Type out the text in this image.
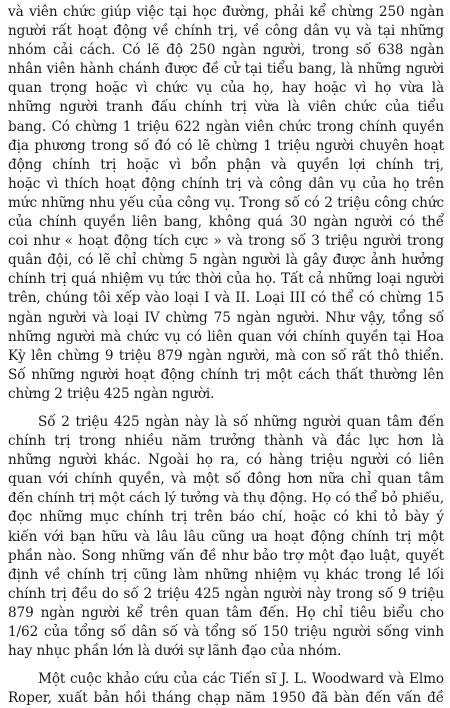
và viên chức giúp việc tại học đường, phải kể chừng 250 ngàn
người rất hoạt động về chính trị, về công dân vụ và tại những
nhóm cải cách. Có lẽ độ 250 ngàn người, trong số 638 ngàn
nhân viên hành chánh được đề cử tại tiểu bang, là những người
quan trọng hoặc vì chức vụ của họ, hay hoặc vì họ vừa là
những người tranh đấu chính trị vừa là viên chức của tiểu
bang. Có chừng 1 triệu 622 ngàn viên chức trong chính quyền
địa phương trong số đó có lẽ chừng 1 triệu người chuyên hoạt
động chính trị hoặc vì bổn phận và quyền lợi chính trị,
hoặc vì thích hoạt động chính trị và công dân vụ của họ trên
mức những nhu yếu của công vụ. Trong số có 2 triệu công chức
của chính quyền liên bang, không quá 30 ngàn người có thể
coi như « hoạt động tích cực » và trong số 3 triệu người trong
quân đội, có lẽ chỉ chừng 5 ngàn người là gây được ảnh hưởng
chính trị quá nhiệm vụ tức thời của họ. Tất cả những loại người
trên, chúng tôi xếp vào loại I và II. Loại III có thể có chừng 15
ngàn người và loại IV chừng 75 ngàn người. Như vậy, tổng số
những người mà chức vụ có liên quan với chính quyền tại Hoa
Kỳ lên chừng 9 triệu 879 ngàn người, mà con số rất thô thiển.
Số những người hoạt động chính trị một cách thất thường lên
chừng 2 triệu 425 ngàn người.
Số 2 triệu 425 ngàn này là số những người quan tâm đến
chính trị trong nhiều năm trưởng thành và đắc lực hơn là
những người khác. Ngoài họ ra, có hàng triệu người có liên
quan với chính quyền, và một số đông hơn nữa chỉ quan tâm
đến chính trị một cách lý tưởng và thụ động. Họ có thể bỏ phiếu,
đọc những mục chính trị trên báo chí, hoặc có khi tỏ bày ý
kiến với bạn hữu và lâu lâu cũng ưa hoạt động chính trị một
phần nào. Song những vấn đề như bảo trợ một đạo luật, quyết
định về chính trị cũng làm những nhiệm vụ khác trong lề lối
chính trị đều do số 2 triệu 425 ngàn người này trong số 9 triệu
879 ngàn người kể trên quan tâm đến. Họ chỉ tiêu biểu cho
1/62 của tổng số dân số và tổng số 150 triệu người sống vinh
hay nhục phần lớn là dưới sự lãnh đạo của nhóm.
Một cuộc khảo cứu của các Tiến sĩ J. L. Woodward và Elmo
Roper, xuất bản hồi tháng chạp năm 1950 đã bàn đến vấn đề
